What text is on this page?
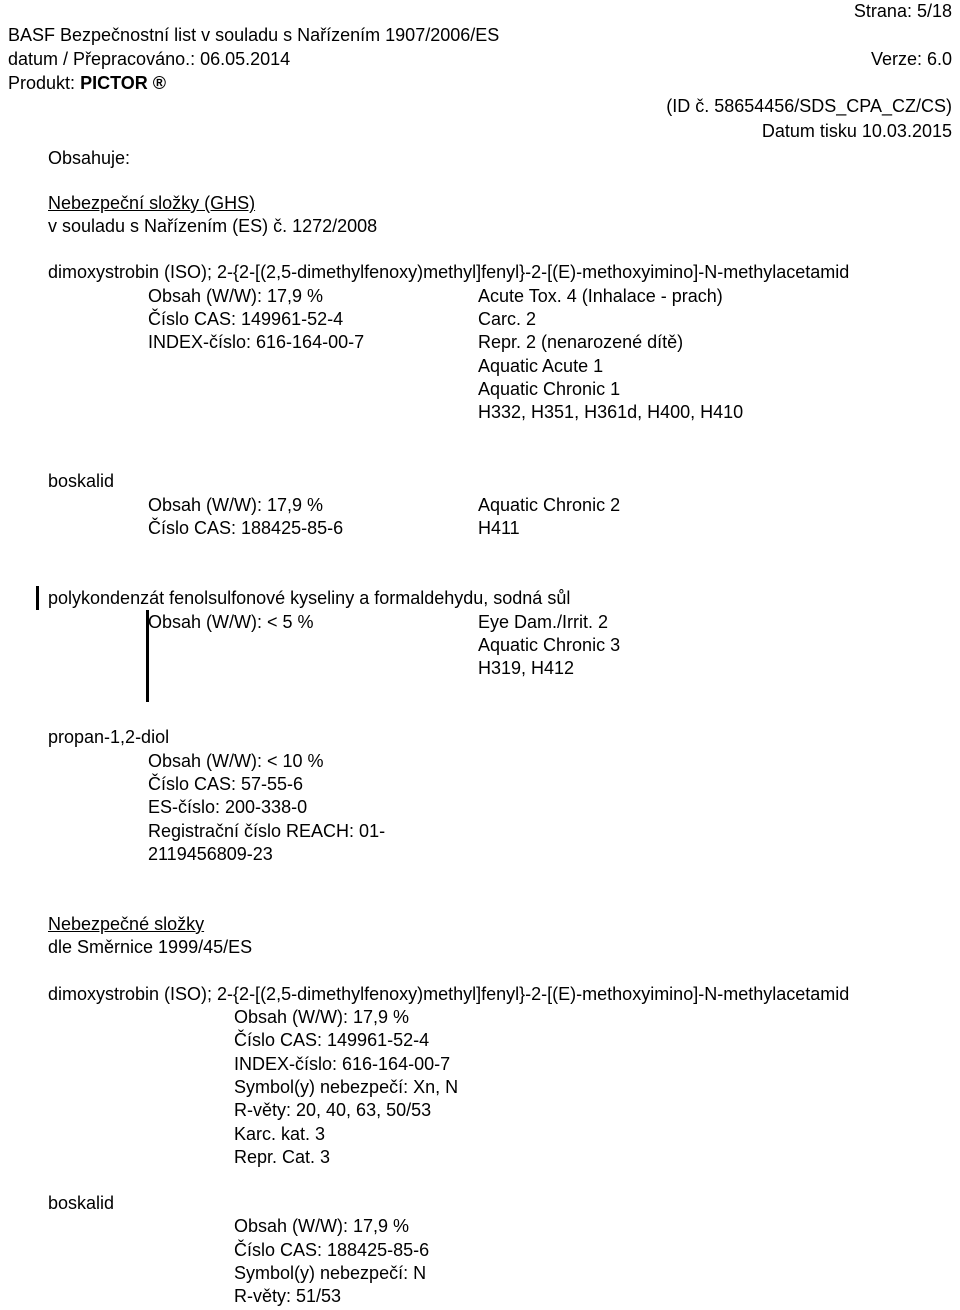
Strana: 5/18
BASF Bezpečnostní list v souladu s Nařízením 1907/2006/ES
datum / Přepracováno.: 06.05.2014	Verze: 6.0
Produkt: PICTOR ®
(ID č. 58654456/SDS_CPA_CZ/CS)
Datum tisku 10.03.2015
Obsahuje:
Nebezpeční složky (GHS)
v souladu s Nařízením (ES) č. 1272/2008
dimoxystrobin (ISO); 2-{2-[(2,5-dimethylfenoxy)methyl]fenyl}-2-[(E)-methoxyimino]-N-methylacetamid
Obsah (W/W): 17,9 %
Číslo CAS: 149961-52-4
INDEX-číslo: 616-164-00-7
Acute Tox. 4 (Inhalace - prach)
Carc. 2
Repr. 2 (nenarozené dítě)
Aquatic Acute 1
Aquatic Chronic 1
H332, H351, H361d, H400, H410
boskalid
Obsah (W/W): 17,9 %
Číslo CAS: 188425-85-6
Aquatic Chronic 2
H411
polykondenzát fenolsulfonové kyseliny a formaldehydu, sodná sůl
Obsah (W/W): < 5 %	Eye Dam./Irrit. 2
Aquatic Chronic 3
H319, H412
propan-1,2-diol
Obsah (W/W): < 10 %
Číslo CAS: 57-55-6
ES-číslo: 200-338-0
Registrační číslo REACH: 01-
2119456809-23
Nebezpečné složky
dle Směrnice 1999/45/ES
dimoxystrobin (ISO); 2-{2-[(2,5-dimethylfenoxy)methyl]fenyl}-2-[(E)-methoxyimino]-N-methylacetamid
Obsah (W/W): 17,9 %
Číslo CAS: 149961-52-4
INDEX-číslo: 616-164-00-7
Symbol(y) nebezpečí: Xn, N
R-věty: 20, 40, 63, 50/53
Karc. kat. 3
Repr. Cat. 3
boskalid
Obsah (W/W): 17,9 %
Číslo CAS: 188425-85-6
Symbol(y) nebezpečí: N
R-věty: 51/53
